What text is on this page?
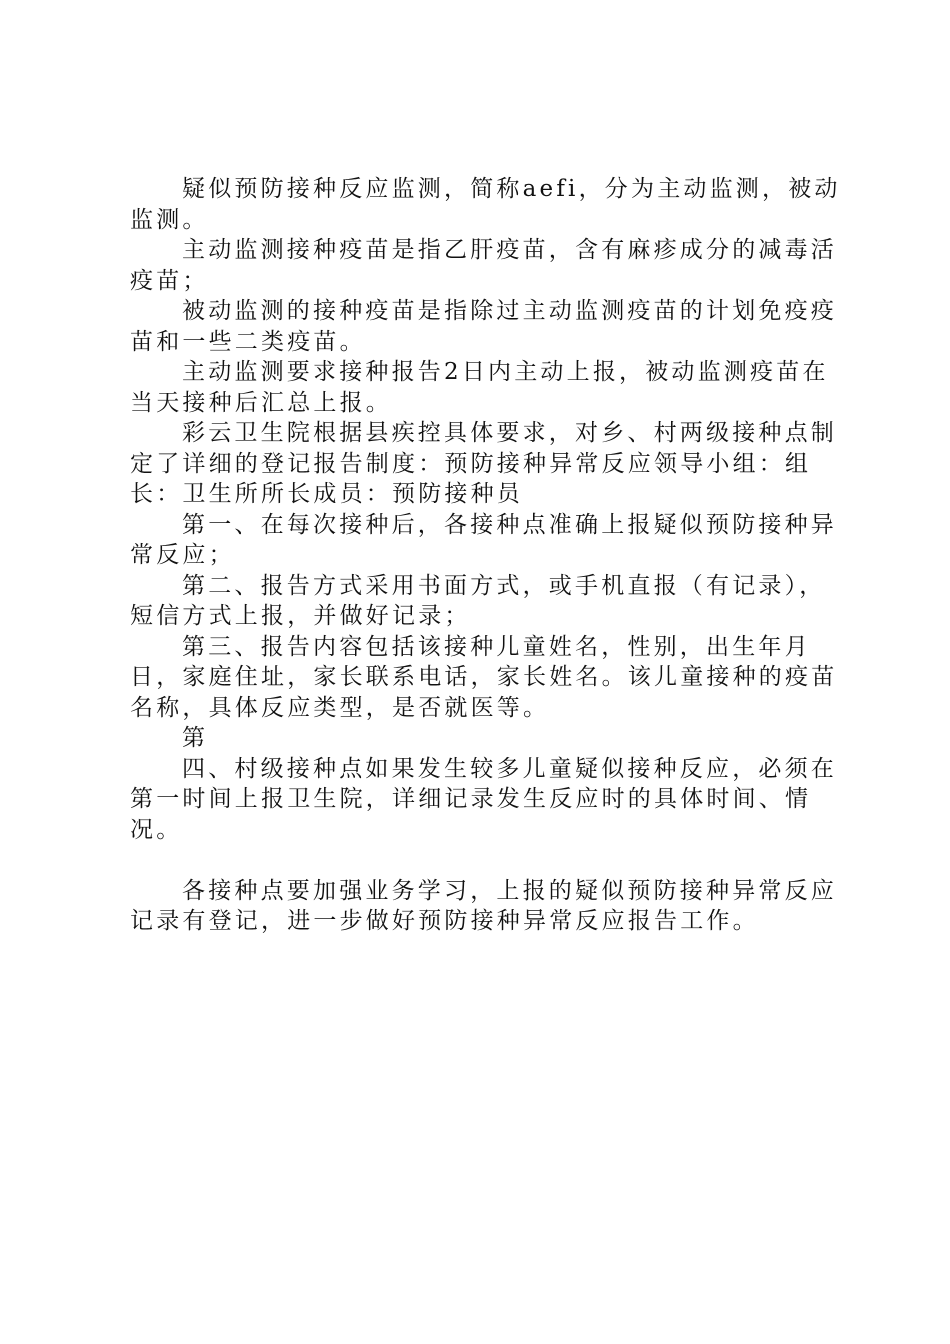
疑似预防接种反应监测，简称aefi，分为主动监测，被动监测。

主动监测接种疫苗是指乙肝疫苗，含有麻疹成分的减毒活疫苗；

被动监测的接种疫苗是指除过主动监测疫苗的计划免疫疫苗和一些二类疫苗。

主动监测要求接种报告2日内主动上报，被动监测疫苗在当天接种后汇总上报。

彩云卫生院根据县疾控具体要求，对乡、村两级接种点制定了详细的登记报告制度：预防接种异常反应领导小组：组长：卫生所所长成员：预防接种员

第一、在每次接种后，各接种点准确上报疑似预防接种异常反应；

第二、报告方式采用书面方式，或手机直报（有记录），短信方式上报，并做好记录；

第三、报告内容包括该接种儿童姓名，性别，出生年月日，家庭住址，家长联系电话，家长姓名。该儿童接种的疫苗名称，具体反应类型，是否就医等。

第

四、村级接种点如果发生较多儿童疑似接种反应，必须在第一时间上报卫生院，详细记录发生反应时的具体时间、情况。

各接种点要加强业务学习，上报的疑似预防接种异常反应记录有登记，进一步做好预防接种异常反应报告工作。
